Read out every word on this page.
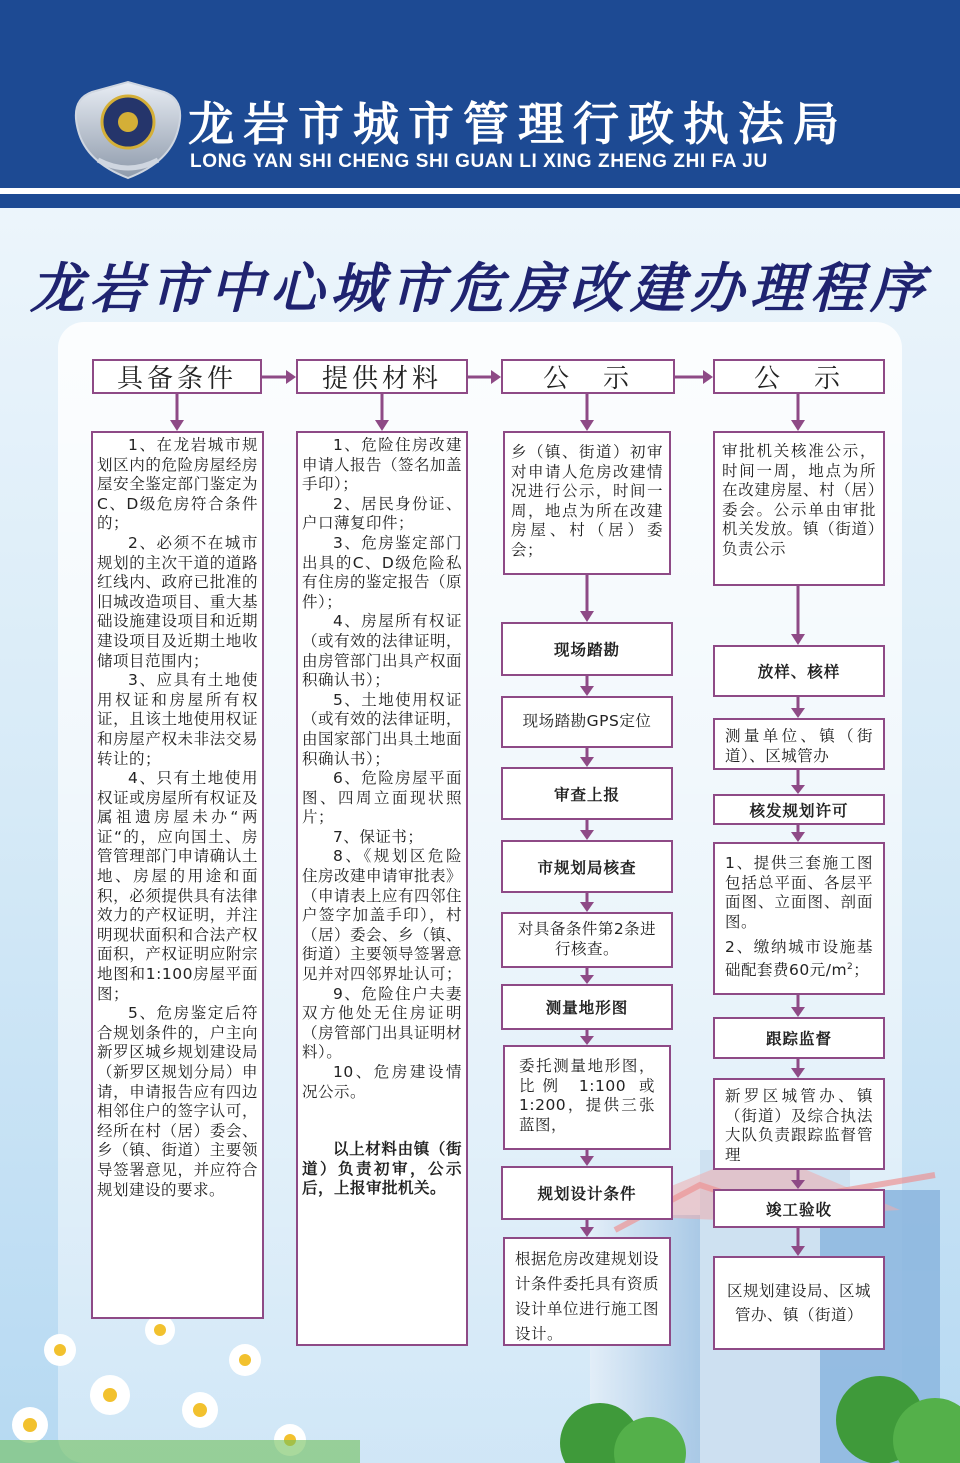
龙岩市城市管理行政执法局
LONG YAN SHI CHENG SHI GUAN LI XING ZHENG ZHI FA JU
龙岩市中心城市危房改建办理程序
具备条件	提供材料	公　示	公　示

1、在龙岩城市规划区内的危险房屋经房屋安全鉴定部门鉴定为C、D级危房符合条件的；

2、必须不在城市规划的主次干道的道路红线内、政府已批准的旧城改造项目、重大基础设施建设项目和近期建设项目及近期土地收储项目范围内；

3、应具有土地使用权证和房屋所有权证，且该土地使用权证和房屋产权未非法交易转让的；

4、只有土地使用权证或房屋所有权证及属祖遗房屋未办“两证“的，应向国土、房管管理部门申请确认土地、房屋的用途和面积，必须提供具有法律效力的产权证明，并注明现状面积和合法产权面积，产权证明应附宗地图和1:100房屋平面图；

5、危房鉴定后符合规划条件的，户主向新罗区城乡规划建设局（新罗区规划分局）申请，申请报告应有四边相邻住户的签字认可，经所在村（居）委会、乡（镇、街道）主要领导签署意见，并应符合规划建设的要求。

1、危险住房改建申请人报告（签名加盖手印）；

2、居民身份证、户口薄复印件；

3、危房鉴定部门出具的C、D级危险私有住房的鉴定报告（原件）；

4、房屋所有权证（或有效的法律证明，由房管部门出具产权面积确认书）；

5、土地使用权证（或有效的法律证明，由国家部门出具土地面积确认书）；

6、危险房屋平面图、四周立面现状照片；

7、保证书；

8、《规划区危险住房改建申请审批表》（申请表上应有四邻住户签字加盖手印），村（居）委会、乡（镇、街道）主要领导签署意见并对四邻界址认可；

9、危险住户夫妻双方他处无住房证明（房管部门出具证明材料）。

10、危房建设情况公示。

以上材料由镇（街道）负责初审，公示后，上报审批机关。

乡（镇、街道）初审对申请人危房改建情况进行公示，时间一周，地点为所在改建房屋、村（居）委会；
现场踏勘
现场踏勘GPS定位
审查上报
市规划局核查
对具备条件第2条进行核查。
测量地形图
委托测量地形图，比例 1:100 或1:200，提供三张蓝图，
规划设计条件
根据危房改建规划设计条件委托具有资质设计单位进行施工图设计。
审批机关核准公示，时间一周，地点为所在改建房屋、村（居）委会。公示单由审批机关发放。镇（街道）负责公示
放样、核样
测量单位、镇（街道）、区城管办
核发规划许可

1、提供三套施工图包括总平面、各层平面图、立面图、剖面图。

2、缴纳城市设施基础配套费60元$/m^2$；

跟踪监督
新罗区城管办、镇（街道）及综合执法大队负责跟踪监督管理
竣工验收
区规划建设局、区城管办、镇（街道）
